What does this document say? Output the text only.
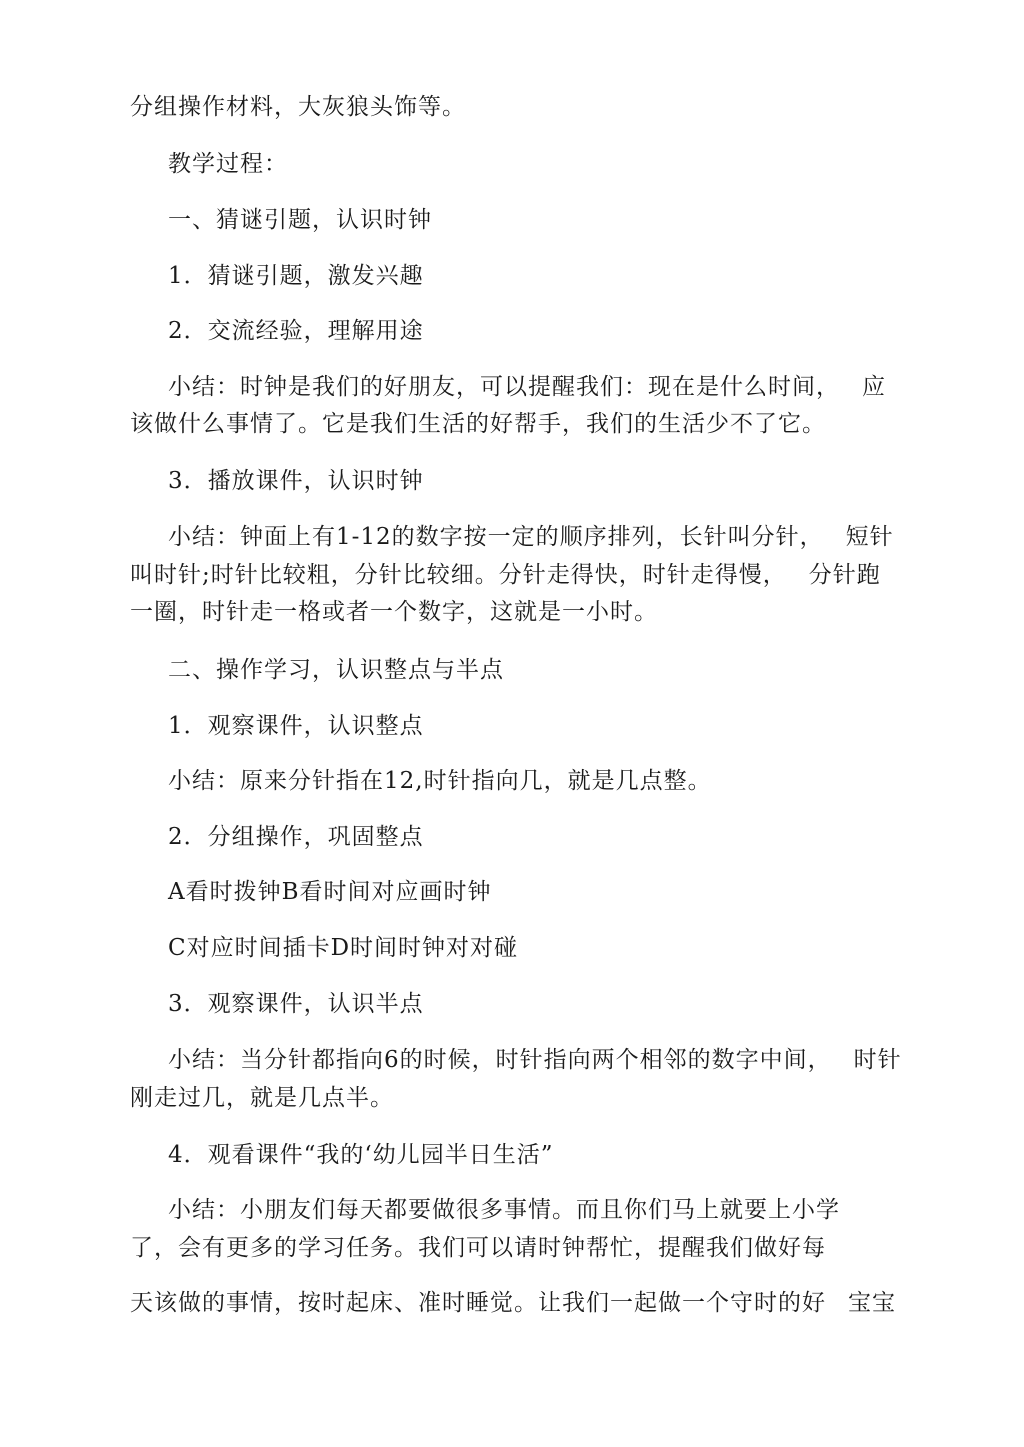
分组操作材料，大灰狼头饰等。

教学过程：

一、猜谜引题，认识时钟

1．猜谜引题，激发兴趣

2．交流经验，理解用途

小结：时钟是我们的好朋友，可以提醒我们：现在是什么时间， 应

该做什么事情了。它是我们生活的好帮手，我们的生活少不了它。

3．播放课件，认识时钟

小结：钟面上有1-12的数字按一定的顺序排列，长针叫分针， 短针

叫时针;时针比较粗，分针比较细。分针走得快，时针走得慢， 分针跑

一圈，时针走一格或者一个数字，这就是一小时。

二、操作学习，认识整点与半点

1．观察课件，认识整点

小结：原来分针指在12,时针指向几，就是几点整。

2．分组操作，巩固整点

A看时拨钟B看时间对应画时钟

C对应时间插卡D时间时钟对对碰

3．观察课件，认识半点

小结：当分针都指向6的时候，时针指向两个相邻的数字中间， 时针

刚走过几，就是几点半。

4．观看课件“我的‘幼儿园半日生活”

小结：小朋友们每天都要做很多事情。而且你们马上就要上小学

了，会有更多的学习任务。我们可以请时钟帮忙，提醒我们做好每

天该做的事情，按时起床、准时睡觉。让我们一起做一个守时的好 宝宝
